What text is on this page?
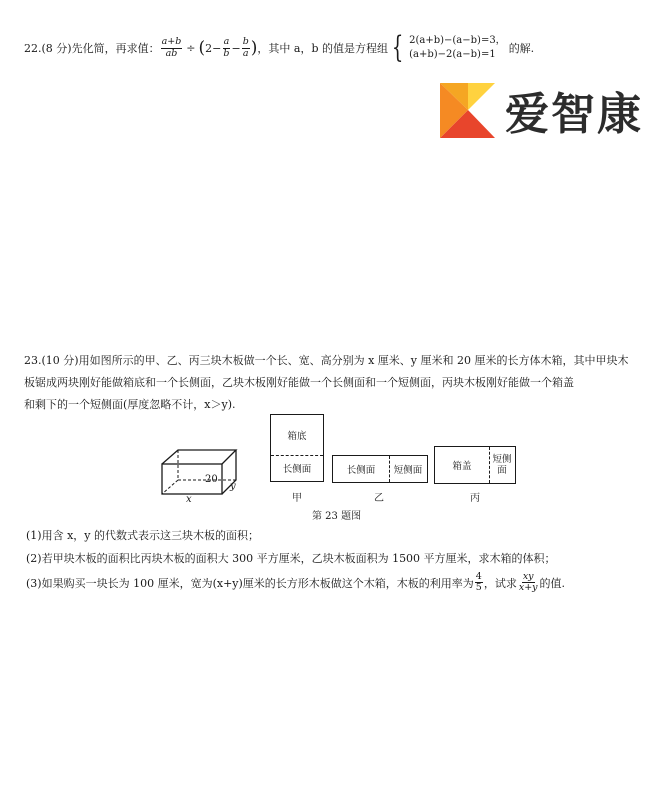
22. (8 分) 先化简，再求值： $\frac{a+b}{ab}$ ÷ ( $2- \frac{a}{b} - \frac{b}{a}$ ) ，其中 a，b 的值是方程组 { 2(a+b)−(a−b)=3，
(a+b)−2(a−b)=1	的解.
爱智康
23.(10 分)用如图所示的甲、乙、丙三块木板做一个长、宽、高分别为 x 厘米、y 厘米和 20 厘米的长方体木箱，其中甲块木
板锯成两块刚好能做箱底和一个长侧面，乙块木板刚好能做一个长侧面和一个短侧面，丙块木板刚好能做一个箱盖
和剩下的一个短侧面(厚度忽略不计，x＞y).
20
y
x
箱底
长侧面
甲
长侧面	短侧面
乙
箱盖
短侧
面
丙
第 23 题图
(1)用含 x，y 的代数式表示这三块木板的面积；
(2)若甲块木板的面积比丙块木板的面积大 300 平方厘米，乙块木板面积为 1500 平方厘米，求木箱的体积；
(3)如果购买一块长为 100 厘米，宽为(x+y)厘米的长方形木板做这个木箱，木板的利用率为 $\frac{4}{5}$ ，试求 $\frac{xy}{x+y}$ 的值.
